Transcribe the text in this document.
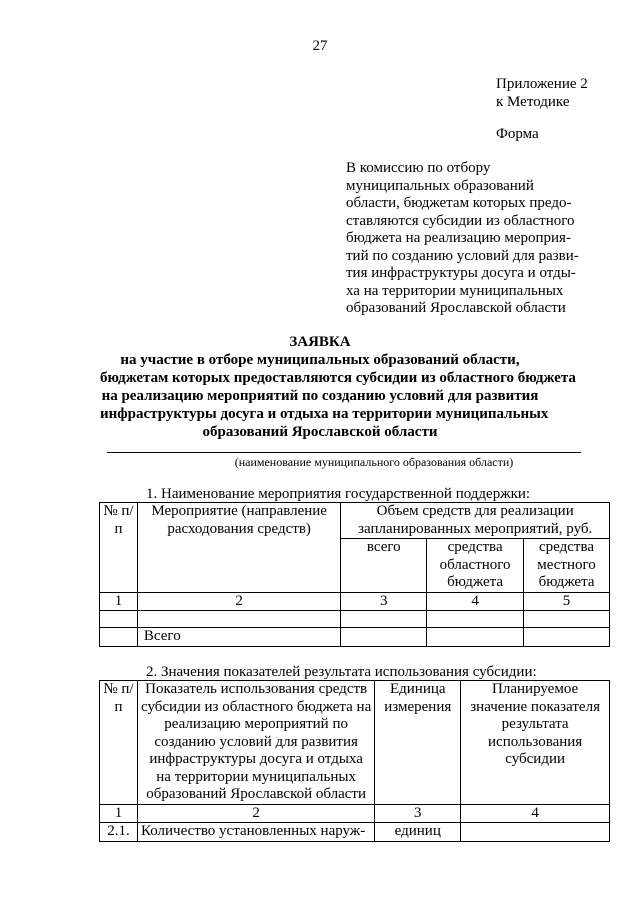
27
Приложение 2
к Методике
Форма
В комиссию по отбору
муниципальных образований
области, бюджетам которых предо-
ставляются субсидии из областного
бюджета на реализацию мероприя-
тий по созданию условий для разви-
тия инфраструктуры досуга и отды-
ха на территории муниципальных
образований Ярославской области
ЗАЯВКА
на участие в отборе муниципальных образований области,
бюджетам которых предоставляются субсидии из областного бюджета
на реализацию мероприятий по созданию условий для развития
инфраструктуры досуга и отдыха на территории муниципальных
образований Ярославской области
(наименование муниципального образования области)
1. Наименование мероприятия государственной поддержки:
№ п/п	Мероприятие (направление расходования средств)	Объем средств для реализации запланированных мероприятий, руб.		
		всего	средства областного бюджета	средства местного бюджета
1	2	3	4	5

	Всего			
2. Значения показателей результата использования субсидии:
№ п/п	Показатель использования средств субсидии из областного бюджета на реализацию мероприятий по созданию условий для развития инфраструктуры досуга и отдыха на территории муниципальных образований Ярославской области	Единица измерения	Планируемое значение показателя результата использования субсидии
1	2	3	4
2.1.	Количество установленных наруж-	единиц	
